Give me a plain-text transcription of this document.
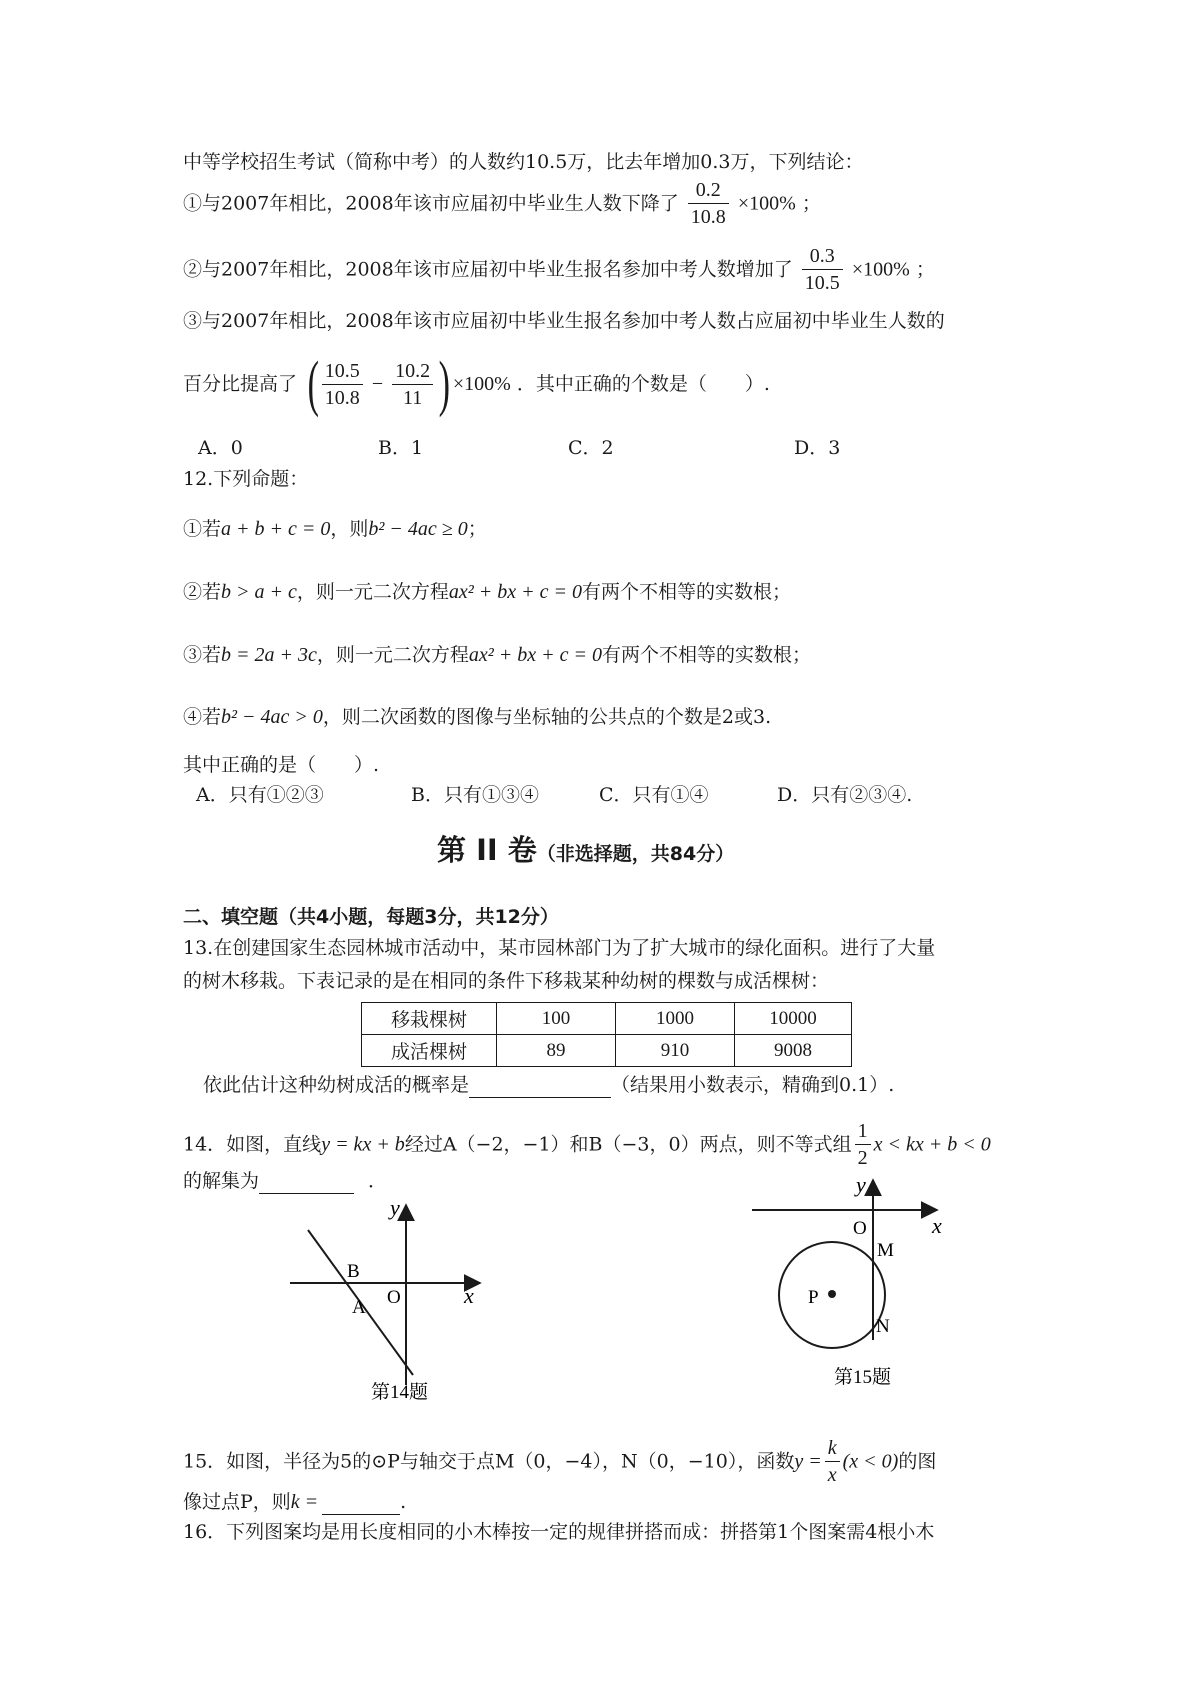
中等学校招生考试（简称中考）的人数约10.5万，比去年增加0.3万，下列结论：
①与2007年相比，2008年该市应届初中毕业生人数下降了 $\frac{0.2}{10.8} \times 100\%$ ；
②与2007年相比，2008年该市应届初中毕业生报名参加中考人数增加了 $\frac{0.3}{10.5} \times 100\%$ ；
③与2007年相比，2008年该市应届初中毕业生报名参加中考人数占应届初中毕业生人数的
百分比提高了 ( $\frac{10.5}{10.8} - \frac{10.2}{11}$ ) ×100% ．其中正确的个数是（　　）.
A．0	B．1	C．2	D．3
12.下列命题：
①若a + b + c = 0，则b² − 4ac ≥ 0；
②若b > a + c，则一元二次方程ax² + bx + c = 0有两个不相等的实数根；
③若b = 2a + 3c，则一元二次方程ax² + bx + c = 0有两个不相等的实数根；
④若b² − 4ac > 0，则二次函数的图像与坐标轴的公共点的个数是2或3.
其中正确的是（　　）.
A．只有①②③	B．只有①③④	C．只有①④	D．只有②③④.
第 II 卷（非选择题，共84分）
二、填空题（共4小题，每题3分，共12分）
13.在创建国家生态园林城市活动中，某市园林部门为了扩大城市的绿化面积。进行了大量
的树木移栽。下表记录的是在相同的条件下移栽某种幼树的棵数与成活棵树：
移栽棵树	100	1000	10000
成活棵树	89	910	9008
依此估计这种幼树成活的概率是	（结果用小数表示，精确到0.1）.
14．如图，直线y = kx + b经过A（−2，−1）和B（−3，0）两点，则不等式组 $\frac{1}{2}$ x < kx + b < 0
的解集为	．
y
x
O
B
A
第14题
y
x
O
M
N
P
第15题
15．如图，半径为5的⊙P与轴交于点M（0，−4），N（0，−10），函数$y = \frac{k}{x} (x < 0)$的图
像过点P，则k =	.
16．下列图案均是用长度相同的小木棒按一定的规律拼搭而成：拼搭第1个图案需4根小木
